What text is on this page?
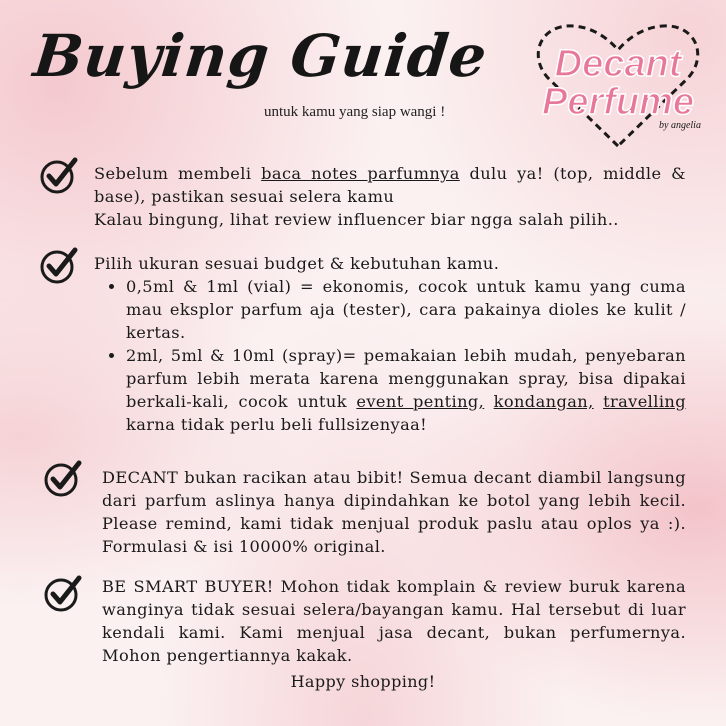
Buying Guide
untuk kamu yang siap wangi !
Decant
Perfume
by angelia
Sebelum membeli baca notes parfumnya dulu ya! (top, middle & base), pastikan sesuai selera kamu
Kalau bingung, lihat review influencer biar ngga salah pilih..
Pilih ukuran sesuai budget & kebutuhan kamu.
• 0,5ml & 1ml (vial) = ekonomis, cocok untuk kamu yang cuma mau eksplor parfum aja (tester), cara pakainya dioles ke kulit / kertas.
• 2ml, 5ml & 10ml (spray)= pemakaian lebih mudah, penyebaran parfum lebih merata karena menggunakan spray, bisa dipakai berkali-kali, cocok untuk event penting, kondangan, travelling karna tidak perlu beli fullsizenyaa!
DECANT bukan racikan atau bibit! Semua decant diambil langsung dari parfum aslinya hanya dipindahkan ke botol yang lebih kecil. Please remind, kami tidak menjual produk paslu atau oplos ya :). Formulasi & isi 10000% original.
BE SMART BUYER! Mohon tidak komplain & review buruk karena wanginya tidak sesuai selera/bayangan kamu. Hal tersebut di luar kendali kami. Kami menjual jasa decant, bukan perfumernya. Mohon pengertiannya kakak.
Happy shopping!
